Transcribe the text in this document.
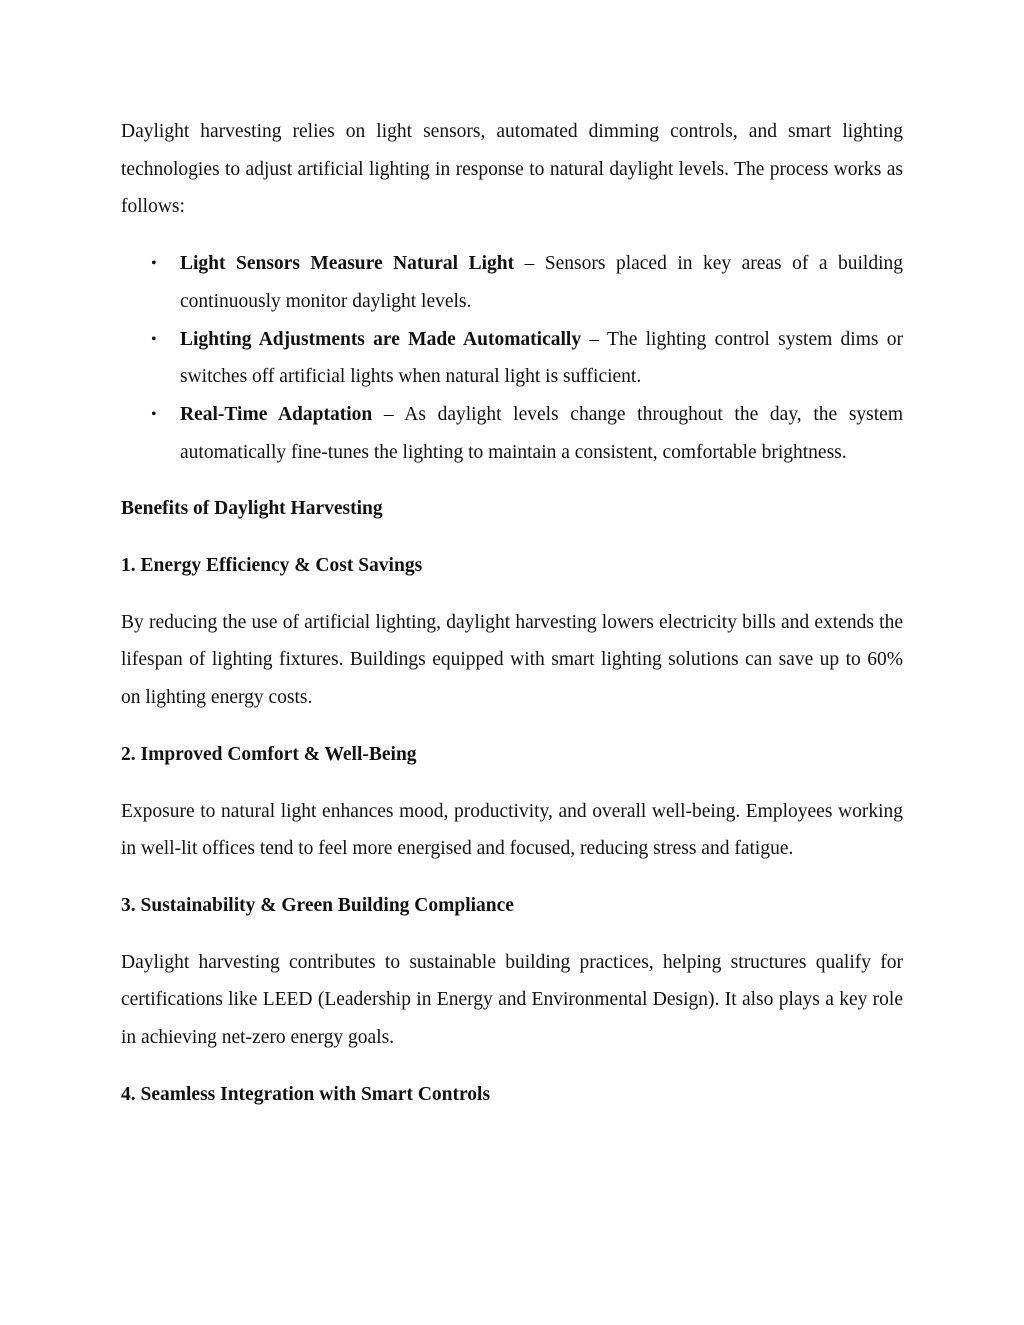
Daylight harvesting relies on light sensors, automated dimming controls, and smart lighting technologies to adjust artificial lighting in response to natural daylight levels. The process works as follows:

• Light Sensors Measure Natural Light – Sensors placed in key areas of a building continuously monitor daylight levels.
• Lighting Adjustments are Made Automatically – The lighting control system dims or switches off artificial lights when natural light is sufficient.
• Real-Time Adaptation – As daylight levels change throughout the day, the system automatically fine-tunes the lighting to maintain a consistent, comfortable brightness.

Benefits of Daylight Harvesting

1. Energy Efficiency & Cost Savings

By reducing the use of artificial lighting, daylight harvesting lowers electricity bills and extends the lifespan of lighting fixtures. Buildings equipped with smart lighting solutions can save up to 60% on lighting energy costs.

2. Improved Comfort & Well-Being

Exposure to natural light enhances mood, productivity, and overall well-being. Employees working in well-lit offices tend to feel more energised and focused, reducing stress and fatigue.

3. Sustainability & Green Building Compliance

Daylight harvesting contributes to sustainable building practices, helping structures qualify for certifications like LEED (Leadership in Energy and Environmental Design). It also plays a key role in achieving net-zero energy goals.

4. Seamless Integration with Smart Controls
